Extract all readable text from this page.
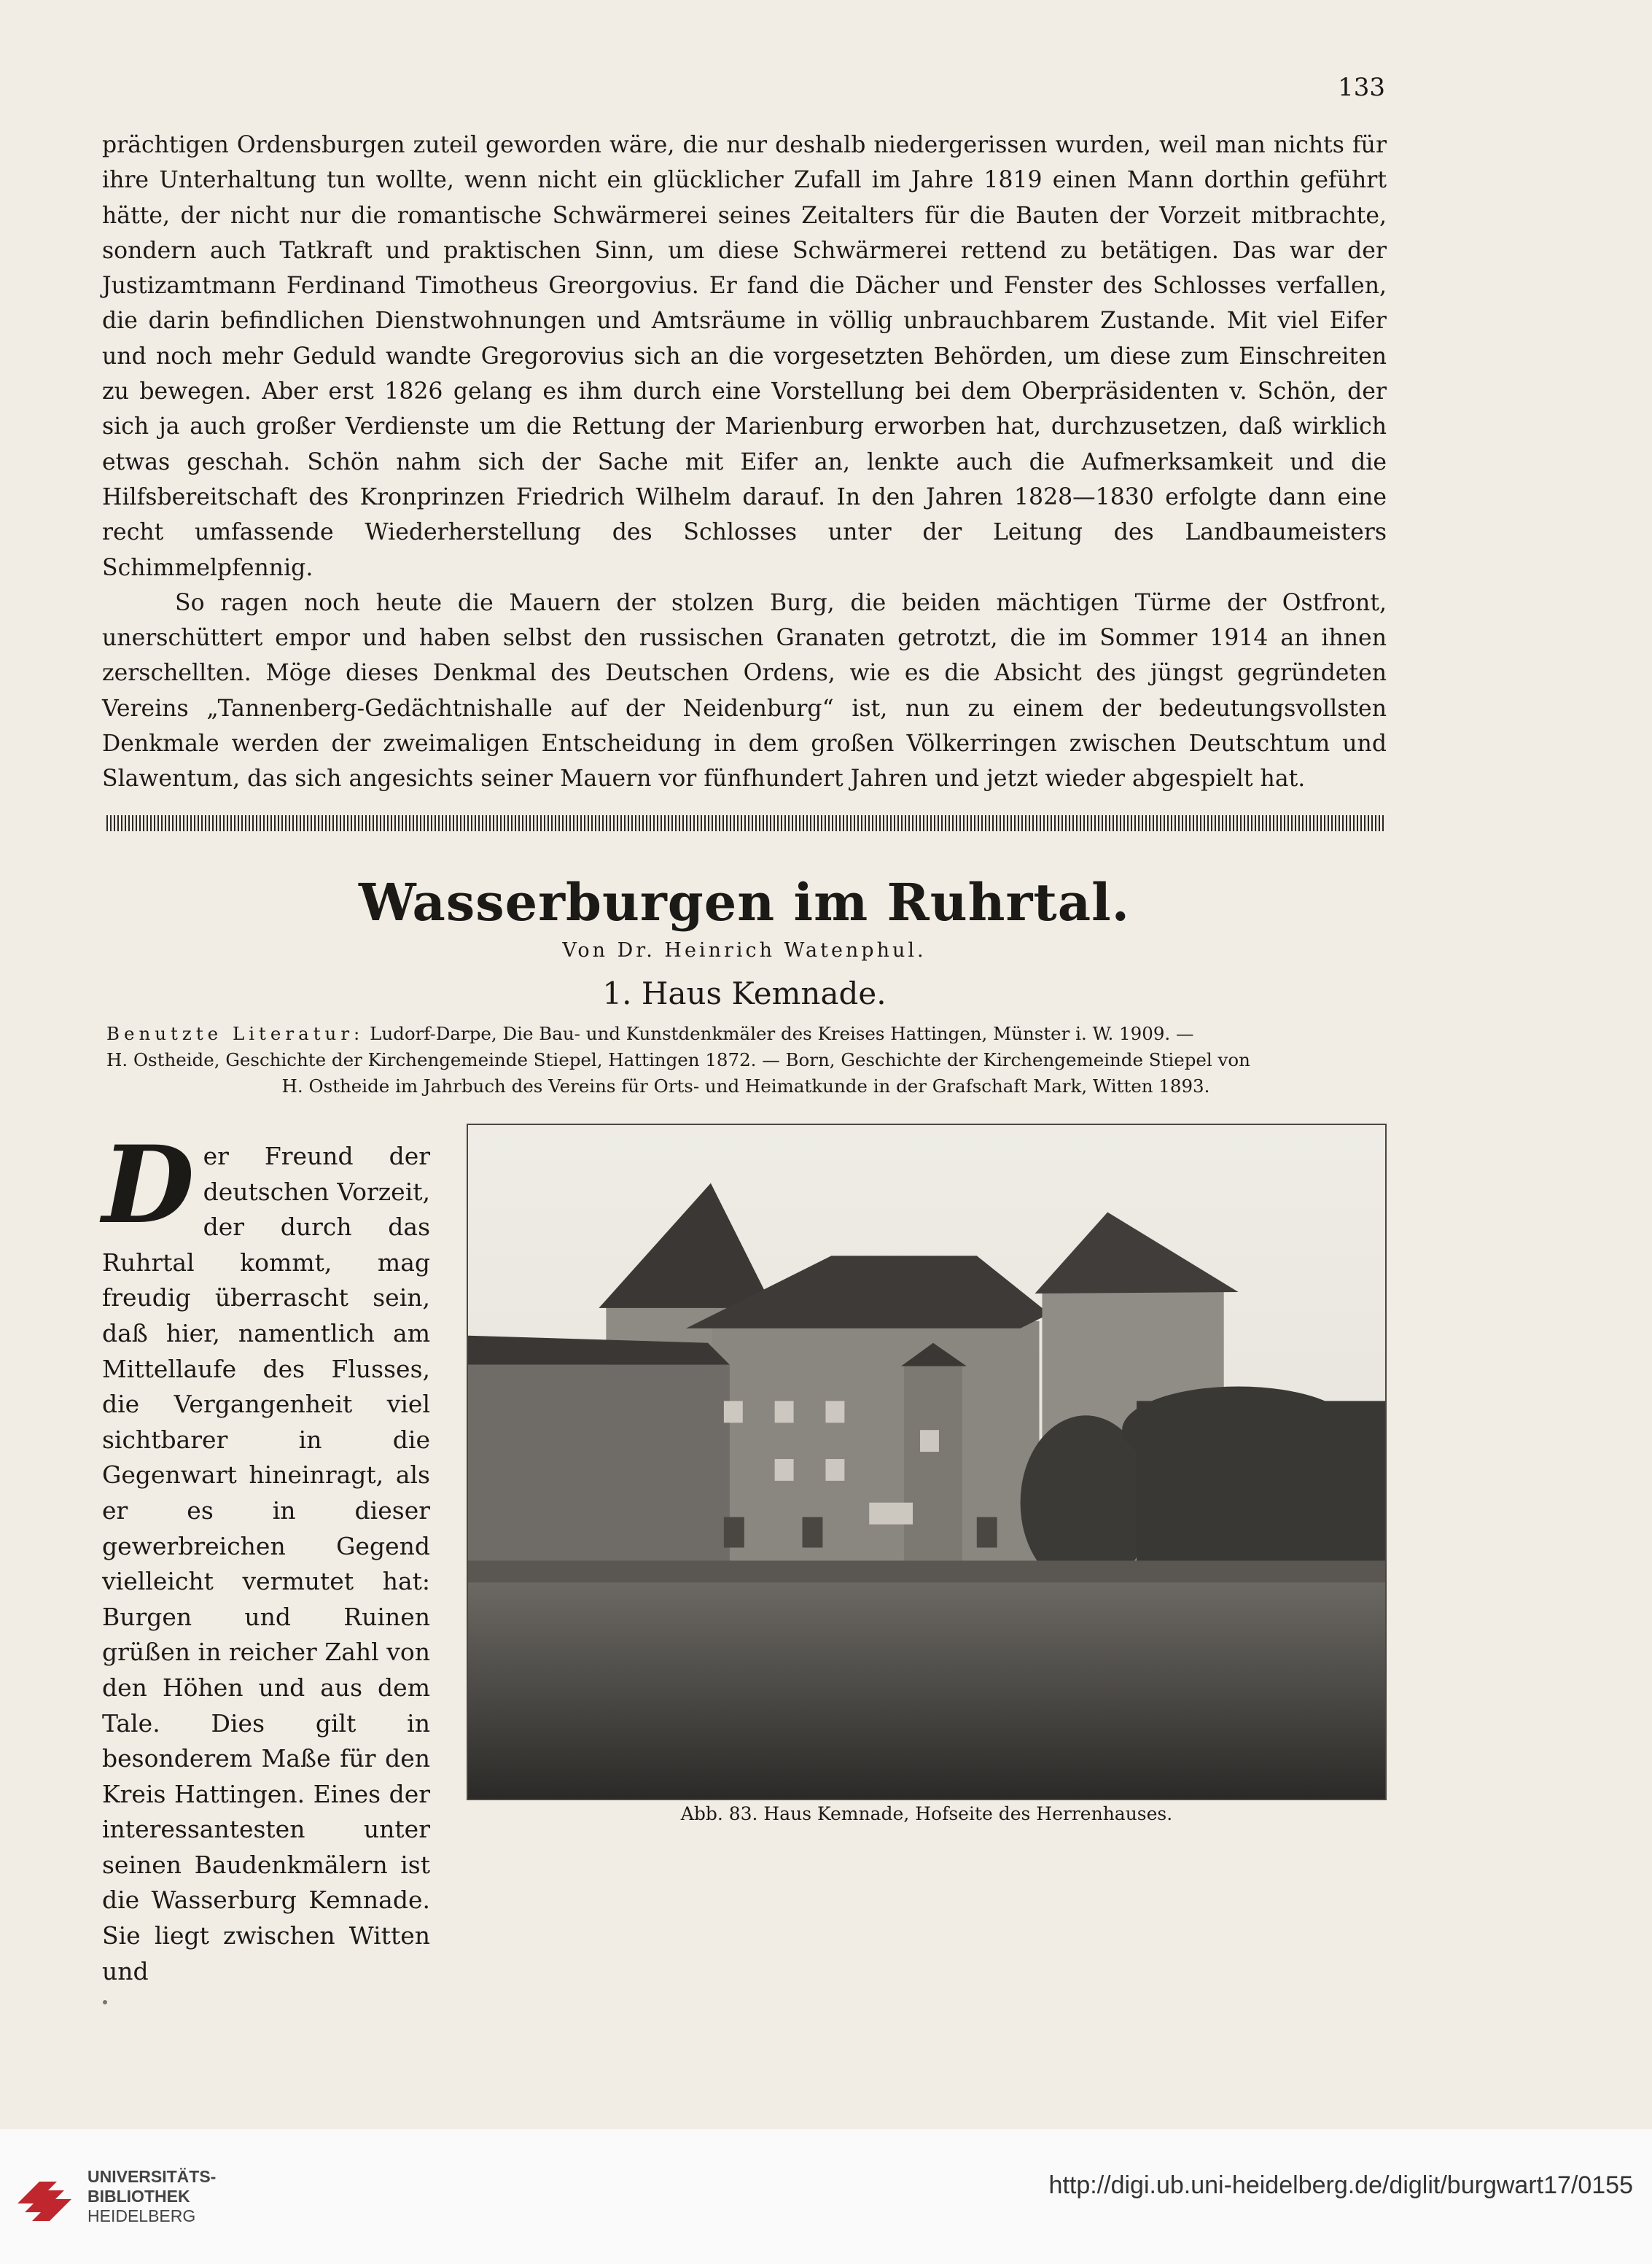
133

prächtigen Ordensburgen zuteil geworden wäre, die nur deshalb niedergerissen wurden, weil man nichts für ihre Unterhaltung tun wollte, wenn nicht ein glücklicher Zufall im Jahre 1819 einen Mann dorthin geführt hätte, der nicht nur die romantische Schwärmerei seines Zeitalters für die Bauten der Vorzeit mitbrachte, sondern auch Tatkraft und praktischen Sinn, um diese Schwärmerei rettend zu betätigen. Das war der Justizamtmann Ferdinand Timotheus Greorgovius. Er fand die Dächer und Fenster des Schlosses verfallen, die darin befindlichen Dienstwohnungen und Amtsräume in völlig unbrauchbarem Zustande. Mit viel Eifer und noch mehr Geduld wandte Gregorovius sich an die vorgesetzten Behörden, um diese zum Einschreiten zu bewegen. Aber erst 1826 gelang es ihm durch eine Vorstellung bei dem Oberpräsidenten v. Schön, der sich ja auch großer Verdienste um die Rettung der Marienburg erworben hat, durchzusetzen, daß wirklich etwas geschah. Schön nahm sich der Sache mit Eifer an, lenkte auch die Aufmerksamkeit und die Hilfsbereitschaft des Kronprinzen Friedrich Wilhelm darauf. In den Jahren 1828—1830 erfolgte dann eine recht umfassende Wiederherstellung des Schlosses unter der Leitung des Landbaumeisters Schimmelpfennig.

So ragen noch heute die Mauern der stolzen Burg, die beiden mächtigen Türme der Ostfront, unerschüttert empor und haben selbst den russischen Granaten getrotzt, die im Sommer 1914 an ihnen zerschellten. Möge dieses Denkmal des Deutschen Ordens, wie es die Absicht des jüngst gegründeten Vereins „Tannenberg-Gedächtnishalle auf der Neidenburg“ ist, nun zu einem der bedeutungsvollsten Denkmale werden der zweimaligen Entscheidung in dem großen Völkerringen zwischen Deutschtum und Slawentum, das sich angesichts seiner Mauern vor fünfhundert Jahren und jetzt wieder abgespielt hat.

Wasserburgen im Ruhrtal.
Von Dr. Heinrich Watenphul.
1. Haus Kemnade.
Benutzte Literatur: Ludorf-Darpe, Die Bau- und Kunstdenkmäler des Kreises Hattingen, Münster i. W. 1909. —
H. Ostheide, Geschichte der Kirchengemeinde Stiepel, Hattingen 1872. — Born, Geschichte der Kirchengemeinde Stiepel von
H. Ostheide im Jahrbuch des Vereins für Orts- und Heimatkunde in der Grafschaft Mark, Witten 1893.
Der Freund der deutschen Vorzeit, der durch das Ruhrtal kommt, mag freudig überrascht sein, daß hier, namentlich am Mittellaufe des Flusses, die Vergangenheit viel sichtbarer in die Gegenwart hineinragt, als er es in dieser gewerbreichen Gegend vielleicht vermutet hat: Burgen und Ruinen grüßen in reicher Zahl von den Höhen und aus dem Tale. Dies gilt in besonderem Maße für den Kreis Hattingen. Eines der interessantesten unter seinen Baudenkmälern ist die Wasserburg Kemnade. Sie liegt zwischen Witten und
Abb. 83. Haus Kemnade, Hofseite des Herrenhauses.
UNIVERSITÄTS-
BIBLIOTHEK
HEIDELBERG
http://digi.ub.uni-heidelberg.de/diglit/burgwart17/0155
